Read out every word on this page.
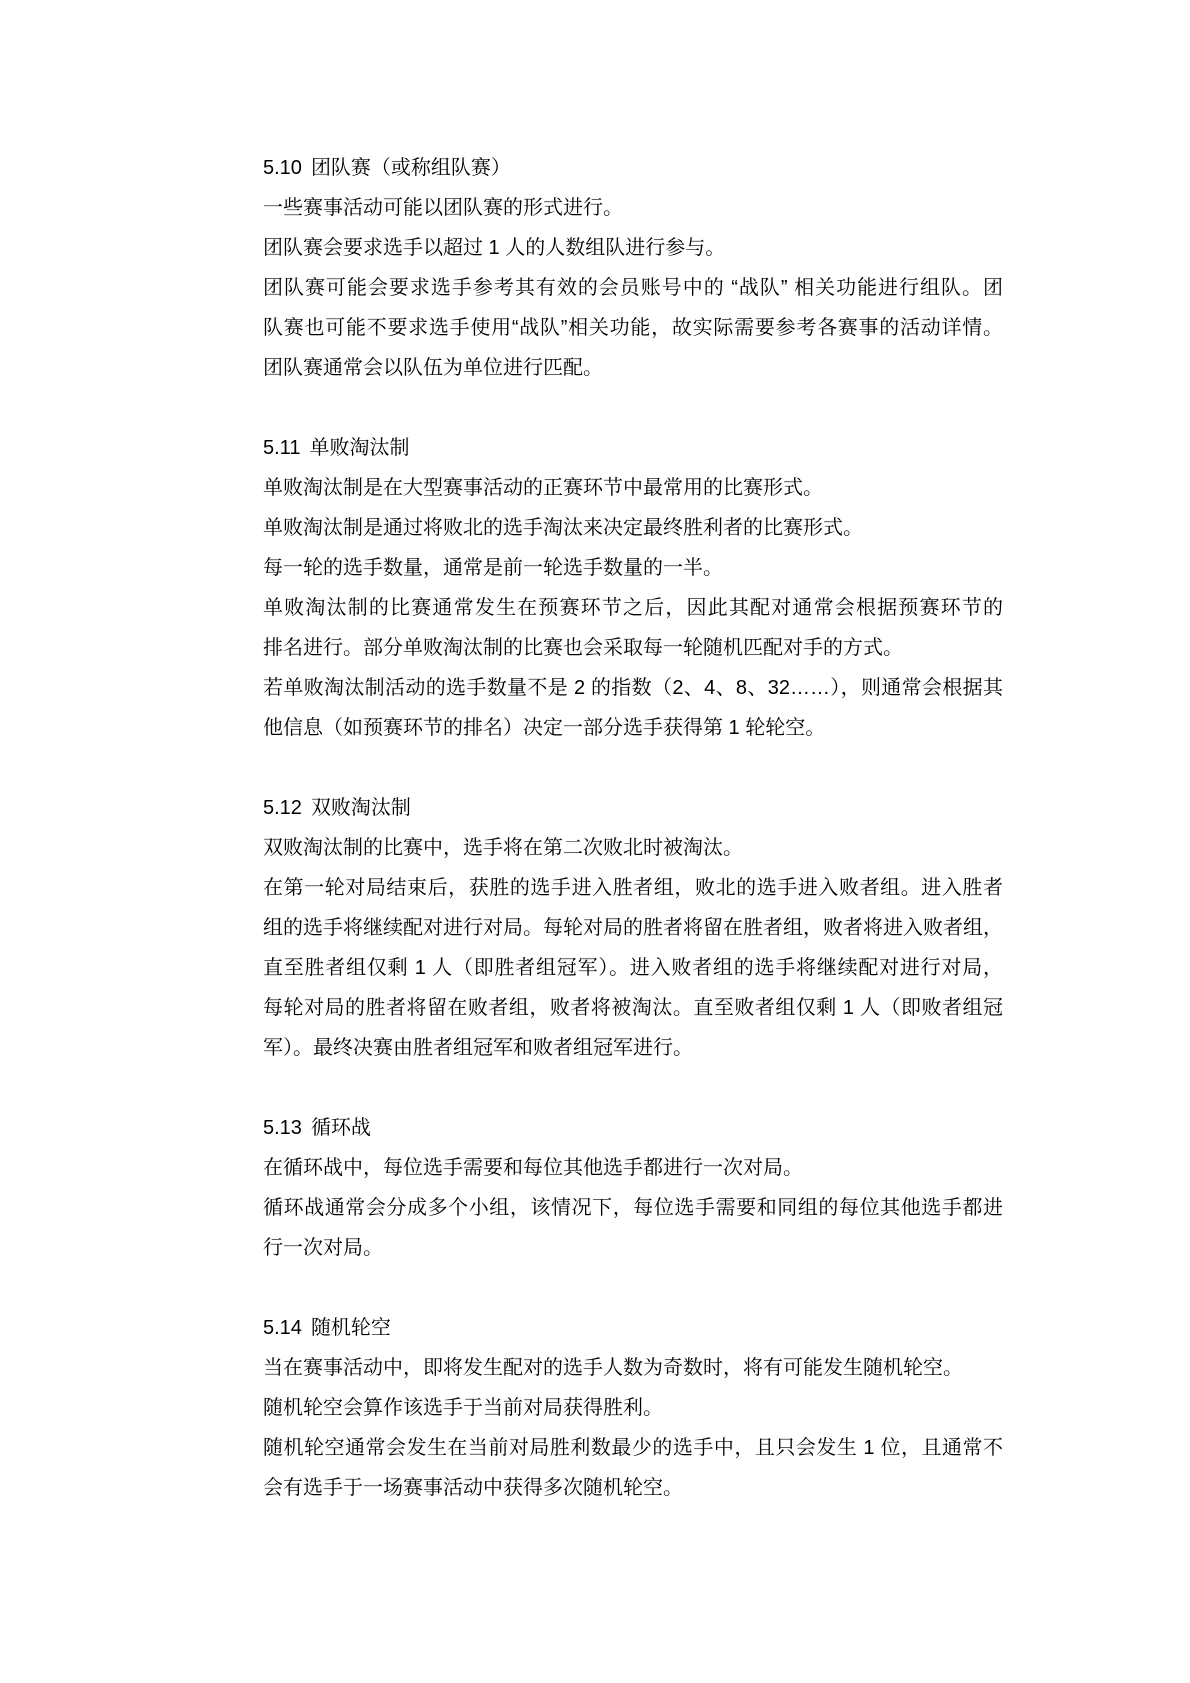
5.10 团队赛（或称组队赛）
一些赛事活动可能以团队赛的形式进行。
团队赛会要求选手以超过 1 人的人数组队进行参与。
团队赛可能会要求选手参考其有效的会员账号中的 “战队” 相关功能进行组队。团
队赛也可能不要求选手使用“战队”相关功能，故实际需要参考各赛事的活动详情。
团队赛通常会以队伍为单位进行匹配。
5.11 单败淘汰制
单败淘汰制是在大型赛事活动的正赛环节中最常用的比赛形式。
单败淘汰制是通过将败北的选手淘汰来决定最终胜利者的比赛形式。
每一轮的选手数量，通常是前一轮选手数量的一半。
单败淘汰制的比赛通常发生在预赛环节之后，因此其配对通常会根据预赛环节的
排名进行。部分单败淘汰制的比赛也会采取每一轮随机匹配对手的方式。
若单败淘汰制活动的选手数量不是 2 的指数（2、4、8、32……），则通常会根据其
他信息（如预赛环节的排名）决定一部分选手获得第 1 轮轮空。
5.12 双败淘汰制
双败淘汰制的比赛中，选手将在第二次败北时被淘汰。
在第一轮对局结束后，获胜的选手进入胜者组，败北的选手进入败者组。进入胜者
组的选手将继续配对进行对局。每轮对局的胜者将留在胜者组，败者将进入败者组，
直至胜者组仅剩 1 人（即胜者组冠军）。进入败者组的选手将继续配对进行对局，
每轮对局的胜者将留在败者组，败者将被淘汰。直至败者组仅剩 1 人（即败者组冠
军）。最终决赛由胜者组冠军和败者组冠军进行。
5.13 循环战
在循环战中，每位选手需要和每位其他选手都进行一次对局。
循环战通常会分成多个小组，该情况下，每位选手需要和同组的每位其他选手都进
行一次对局。
5.14 随机轮空
当在赛事活动中，即将发生配对的选手人数为奇数时，将有可能发生随机轮空。
随机轮空会算作该选手于当前对局获得胜利。
随机轮空通常会发生在当前对局胜利数最少的选手中，且只会发生 1 位，且通常不
会有选手于一场赛事活动中获得多次随机轮空。
